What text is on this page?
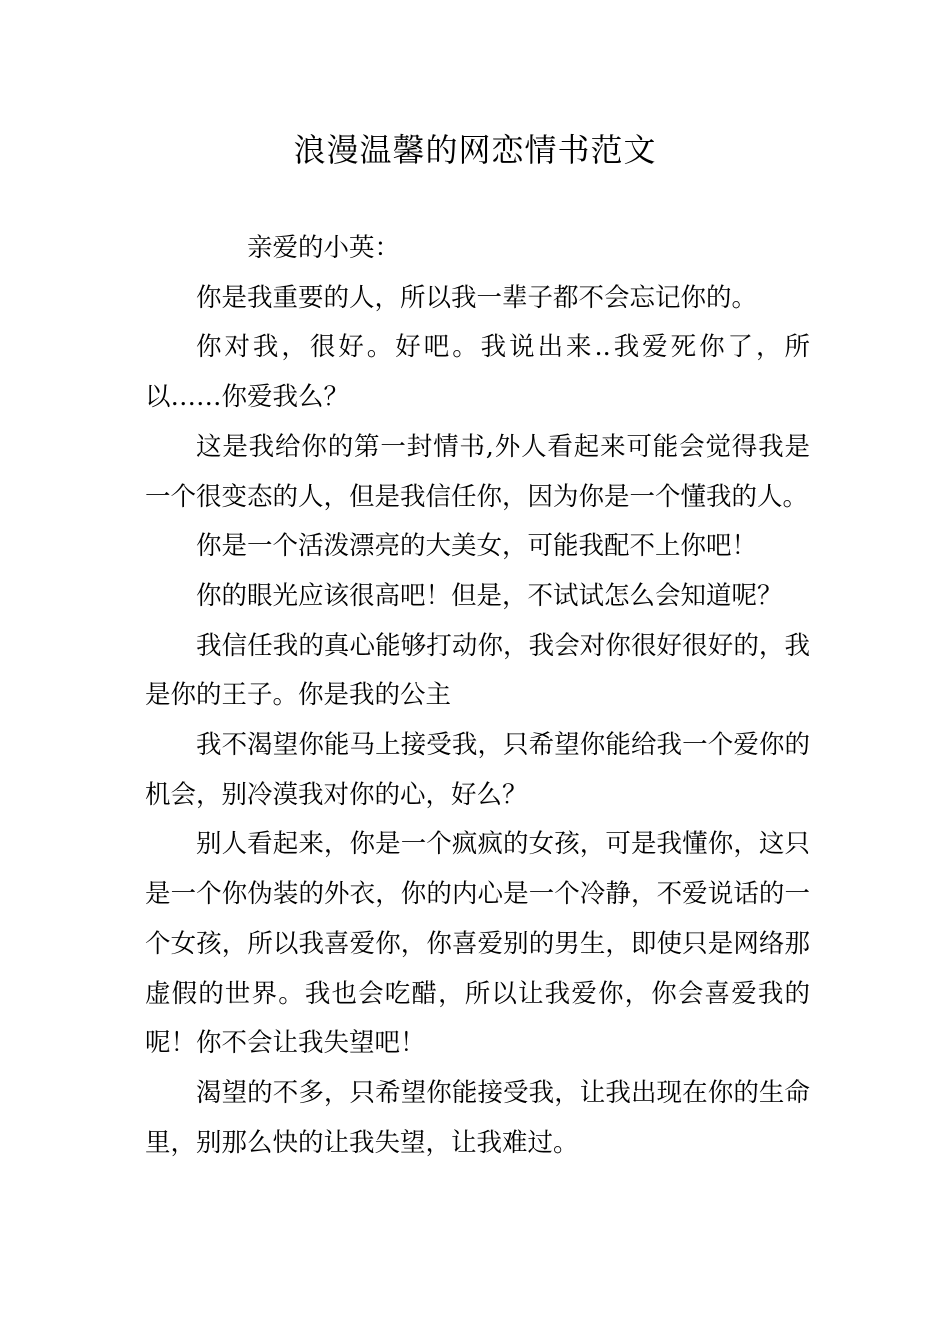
浪漫温馨的网恋情书范文

亲爱的小英：

你是我重要的人，所以我一辈子都不会忘记你的。

你对我，很好。好吧。我说出来..我爱死你了，所以……你爱我么？

这是我给你的第一封情书,外人看起来可能会觉得我是一个很变态的人，但是我信任你，因为你是一个懂我的人。

你是一个活泼漂亮的大美女，可能我配不上你吧！

你的眼光应该很高吧！但是，不试试怎么会知道呢？

我信任我的真心能够打动你，我会对你很好很好的，我是你的王子。你是我的公主

我不渴望你能马上接受我，只希望你能给我一个爱你的机会，别冷漠我对你的心，好么？

别人看起来，你是一个疯疯的女孩，可是我懂你，这只是一个你伪装的外衣，你的内心是一个冷静，不爱说话的一个女孩，所以我喜爱你，你喜爱别的男生，即使只是网络那虚假的世界。我也会吃醋，所以让我爱你，你会喜爱我的呢！你不会让我失望吧！

渴望的不多，只希望你能接受我，让我出现在你的生命里，别那么快的让我失望，让我难过。
